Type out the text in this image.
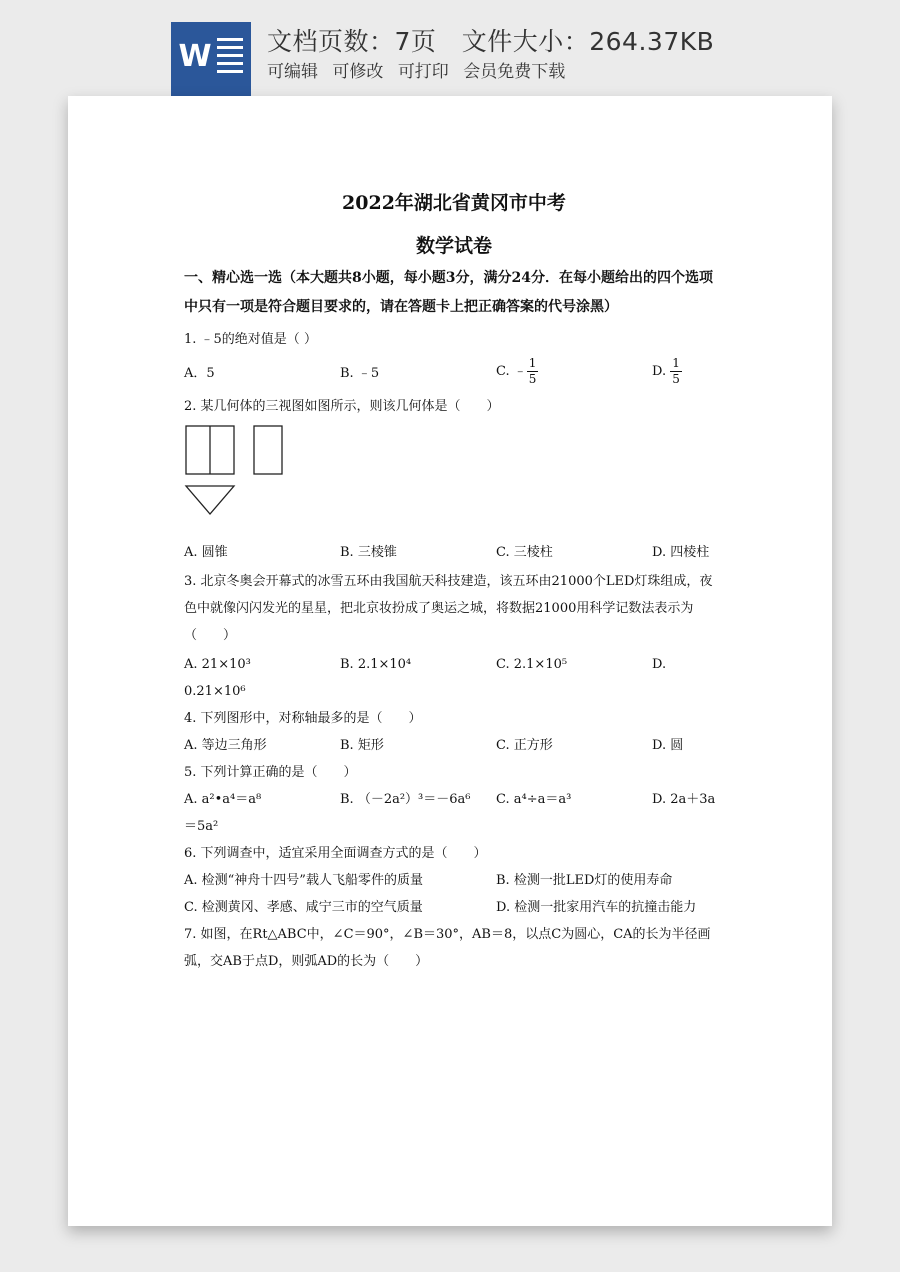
W 文档页数：7页   文件大小：264.37KB
可编辑 可修改 可打印 会员免费下载
2022年湖北省黄冈市中考
数学试卷
一、精心选一选（本大题共8小题，每小题3分，满分24分．在每小题给出的四个选项中只有一项是符合题目要求的，请在答题卡上把正确答案的代号涂黑）
1. ﹣5的绝对值是（ ）
A．5	B. ﹣5	C. ﹣ $\frac{1}{5}$	D. $\frac{1}{5}$
2. 某几何体的三视图如图所示，则该几何体是（　　）
A. 圆锥	B. 三棱锥	C. 三棱柱	D. 四棱柱
3. 北京冬奥会开幕式的冰雪五环由我国航天科技建造，该五环由21000个LED灯珠组成，夜色中就像闪闪发光的星星，把北京妆扮成了奥运之城，将数据21000用科学记数法表示为（　　）
A. 21×10³	B. 2.1×10⁴	C. 2.1×10⁵	D.
0.21×10⁶
4. 下列图形中，对称轴最多的是（　　）
A. 等边三角形	B. 矩形	C. 正方形	D. 圆
5. 下列计算正确的是（　　）
A. a²•a⁴＝a⁸	B. （－2a²）³＝－6a⁶	C. a⁴÷a＝a³	D. 2a＋3a
＝5a²
6. 下列调查中，适宜采用全面调查方式的是（　　）
A. 检测“神舟十四号”载人飞船零件的质量	B. 检测一批LED灯的使用寿命
C. 检测黄冈、孝感、咸宁三市的空气质量	D. 检测一批家用汽车的抗撞击能力
7. 如图，在Rt△ABC中，∠C＝90°，∠B＝30°，AB＝8，以点C为圆心，CA的长为半径画弧，交AB于点D，则弧AD的长为（　　）
